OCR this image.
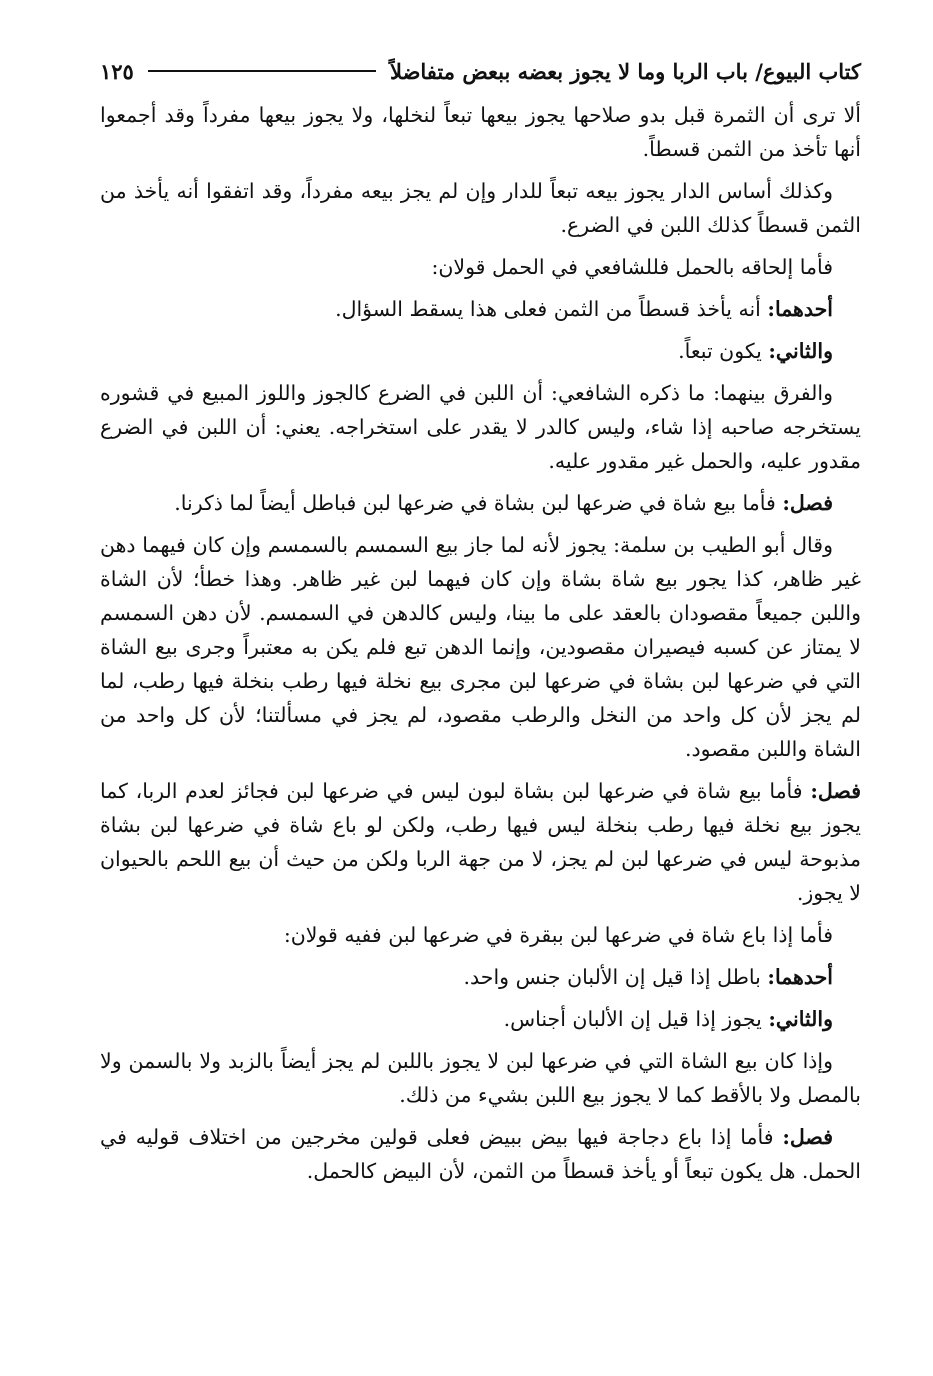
كتاب البيوع/ باب الربا وما لا يجوز بعضه ببعض متفاضلاً
١٢٥

ألا ترى أن الثمرة قبل بدو صلاحها يجوز بيعها تبعاً لنخلها، ولا يجوز بيعها مفرداً وقد أجمعوا أنها تأخذ من الثمن قسطاً.

وكذلك أساس الدار يجوز بيعه تبعاً للدار وإن لم يجز بيعه مفرداً، وقد اتفقوا أنه يأخذ من الثمن قسطاً كذلك اللبن في الضرع.

فأما إلحاقه بالحمل فللشافعي في الحمل قولان:

أحدهما: أنه يأخذ قسطاً من الثمن فعلى هذا يسقط السؤال.

والثاني: يكون تبعاً.

والفرق بينهما: ما ذكره الشافعي: أن اللبن في الضرع كالجوز واللوز المبيع في قشوره يستخرجه صاحبه إذا شاء، وليس كالدر لا يقدر على استخراجه. يعني: أن اللبن في الضرع مقدور عليه، والحمل غير مقدور عليه.

فصل: فأما بيع شاة في ضرعها لبن بشاة في ضرعها لبن فباطل أيضاً لما ذكرنا.

وقال أبو الطيب بن سلمة: يجوز لأنه لما جاز بيع السمسم بالسمسم وإن كان فيهما دهن غير ظاهر، كذا يجور بيع شاة بشاة وإن كان فيهما لبن غير ظاهر. وهذا خطأ؛ لأن الشاة واللبن جميعاً مقصودان بالعقد على ما بينا، وليس كالدهن في السمسم. لأن دهن السمسم لا يمتاز عن كسبه فيصيران مقصودين، وإنما الدهن تبع فلم يكن به معتبراً وجرى بيع الشاة التي في ضرعها لبن بشاة في ضرعها لبن مجرى بيع نخلة فيها رطب بنخلة فيها رطب، لما لم يجز لأن كل واحد من النخل والرطب مقصود، لم يجز في مسألتنا؛ لأن كل واحد من الشاة واللبن مقصود.

فصل: فأما بيع شاة في ضرعها لبن بشاة لبون ليس في ضرعها لبن فجائز لعدم الربا، كما يجوز بيع نخلة فيها رطب بنخلة ليس فيها رطب، ولكن لو باع شاة في ضرعها لبن بشاة مذبوحة ليس في ضرعها لبن لم يجز، لا من جهة الربا ولكن من حيث أن بيع اللحم بالحيوان لا يجوز.

فأما إذا باع شاة في ضرعها لبن ببقرة في ضرعها لبن ففيه قولان:

أحدهما: باطل إذا قيل إن الألبان جنس واحد.

والثاني: يجوز إذا قيل إن الألبان أجناس.

وإذا كان بيع الشاة التي في ضرعها لبن لا يجوز باللبن لم يجز أيضاً بالزبد ولا بالسمن ولا بالمصل ولا بالأقط كما لا يجوز بيع اللبن بشيء من ذلك.

فصل: فأما إذا باع دجاجة فيها بيض ببيض فعلى قولين مخرجين من اختلاف قوليه في الحمل. هل يكون تبعاً أو يأخذ قسطاً من الثمن، لأن البيض كالحمل.
